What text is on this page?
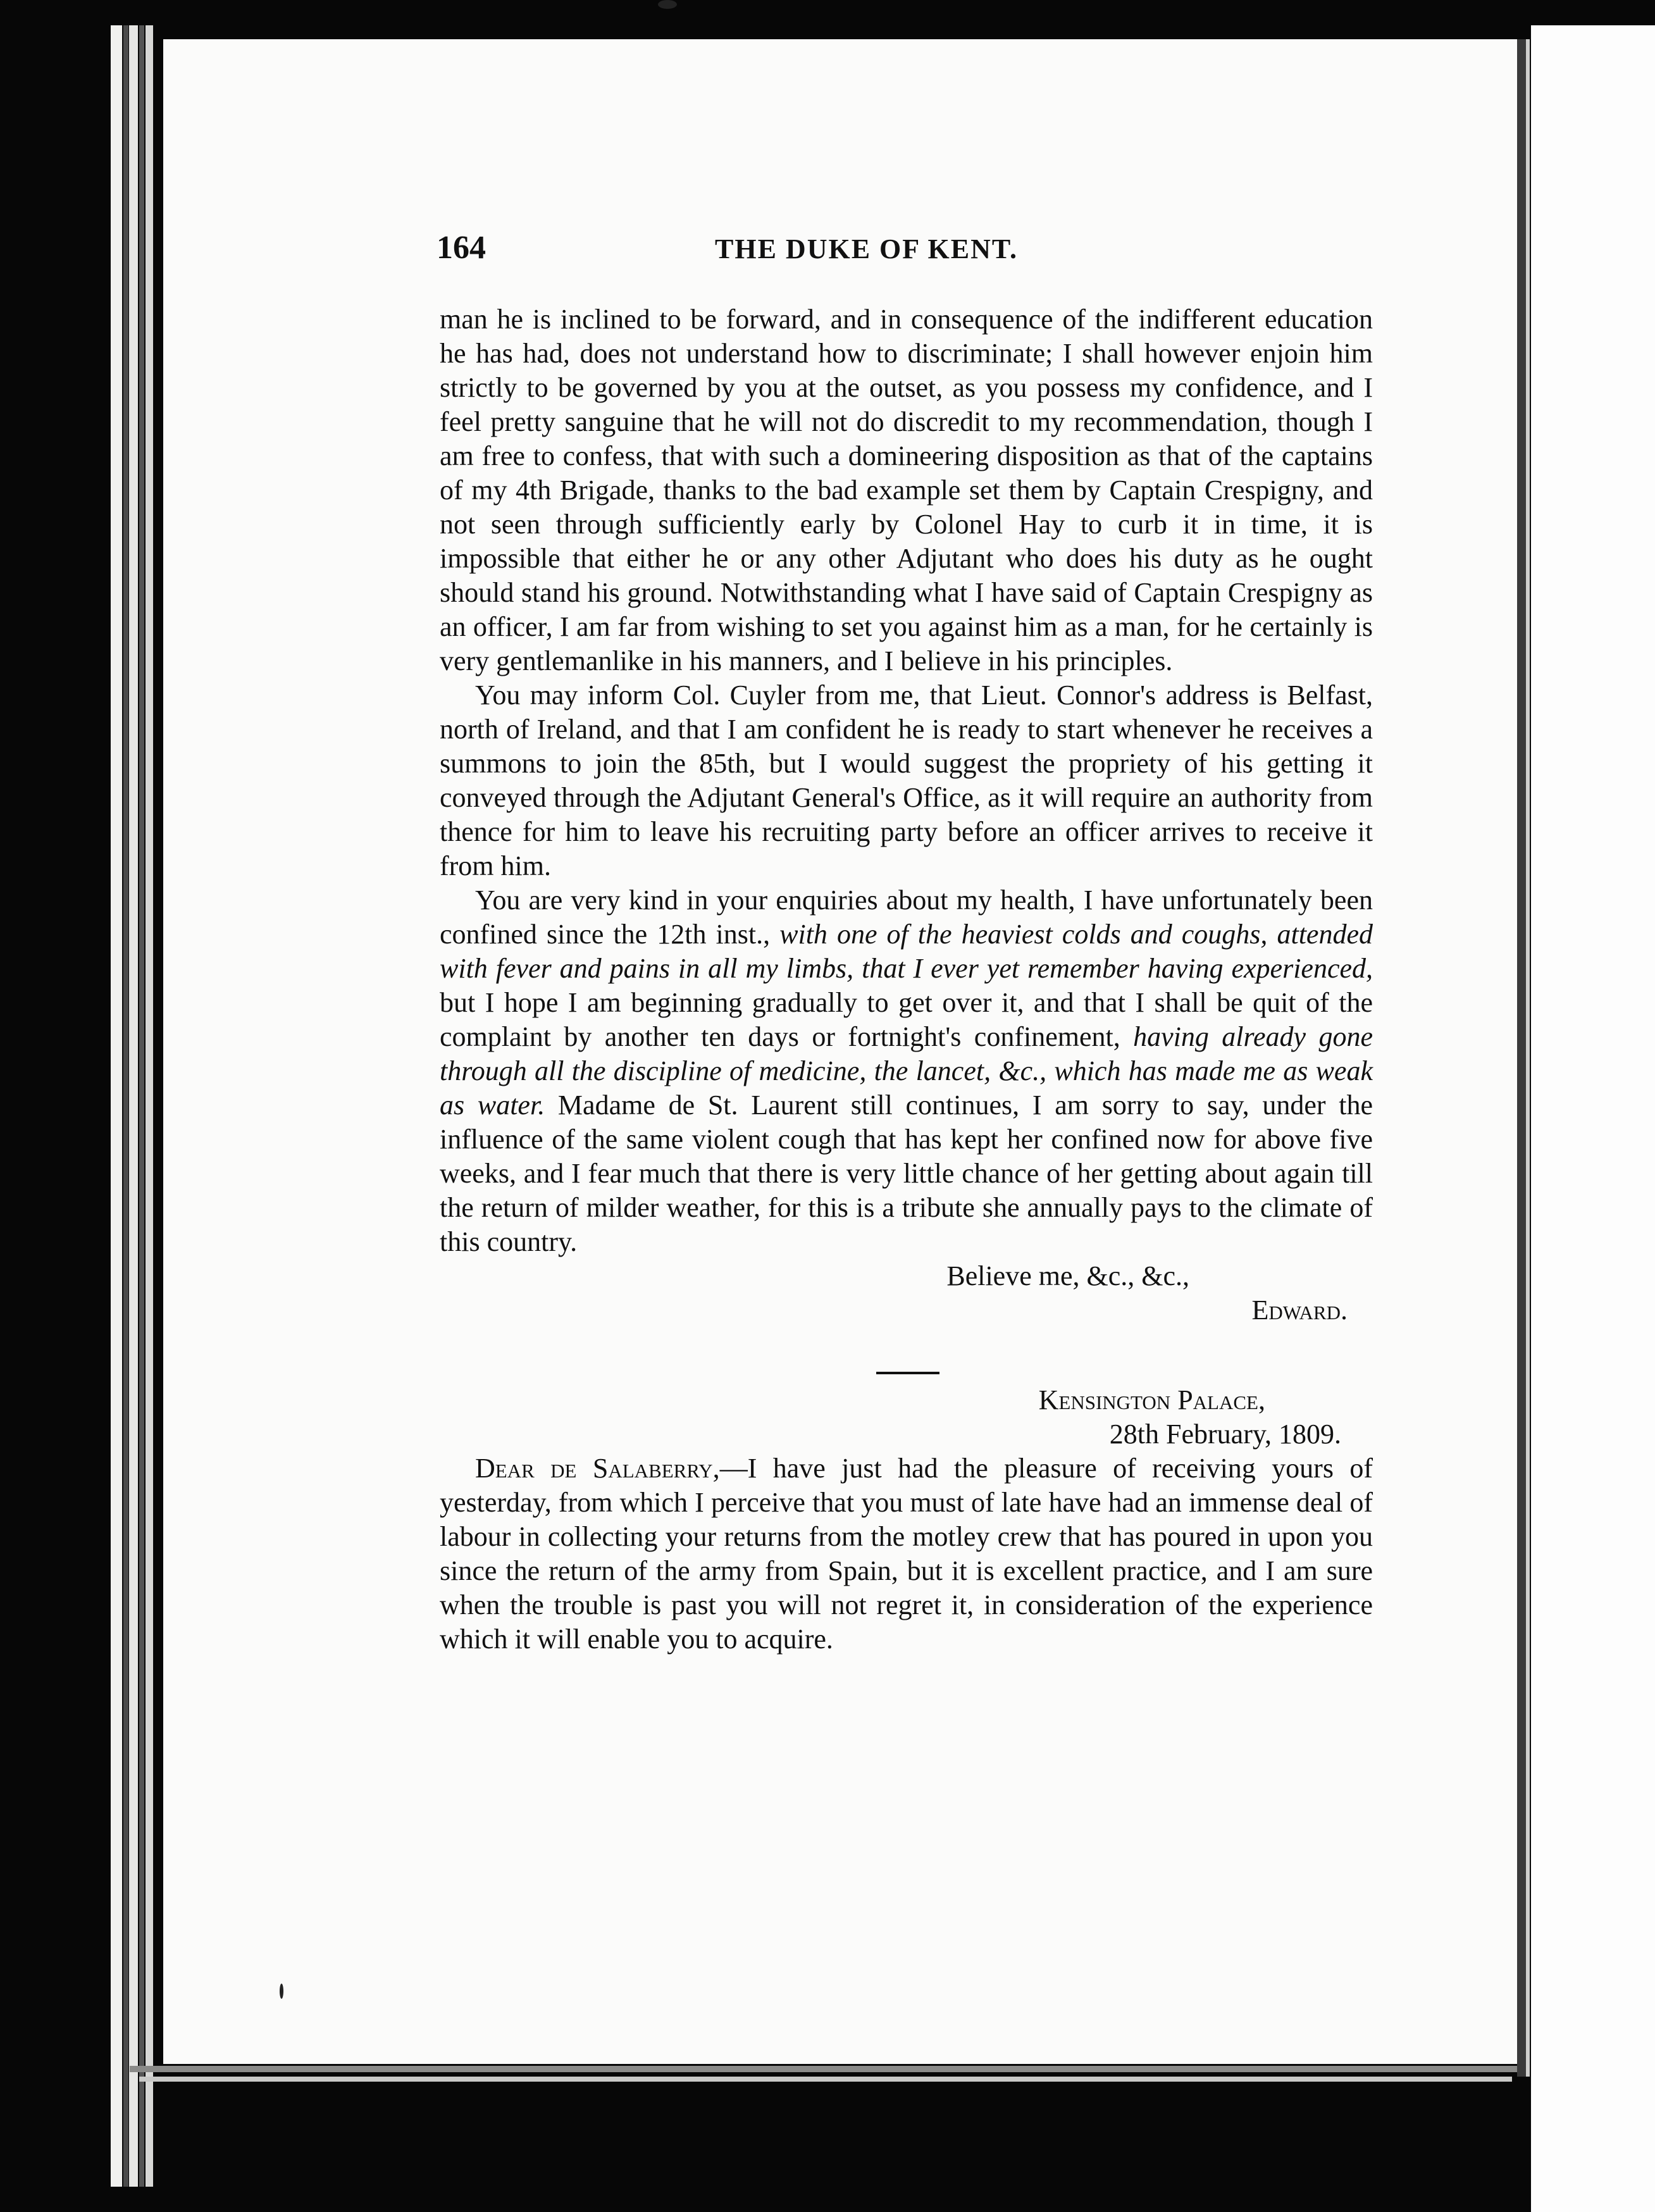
164	THE DUKE OF KENT.

man he is inclined to be forward, and in consequence of the indifferent education he has had, does not understand how to discriminate; I shall however enjoin him strictly to be governed by you at the outset, as you possess my confidence, and I feel pretty sanguine that he will not do discredit to my recommendation, though I am free to confess, that with such a domineering disposition as that of the captains of my 4th Brigade, thanks to the bad example set them by Captain Crespigny, and not seen through sufficiently early by Colonel Hay to curb it in time, it is impossible that either he or any other Adjutant who does his duty as he ought should stand his ground. Notwithstanding what I have said of Captain Crespigny as an officer, I am far from wishing to set you against him as a man, for he certainly is very gentlemanlike in his manners, and I believe in his principles.

You may inform Col. Cuyler from me, that Lieut. Connor's address is Belfast, north of Ireland, and that I am confident he is ready to start whenever he receives a summons to join the 85th, but I would suggest the propriety of his getting it conveyed through the Adjutant General's Office, as it will require an authority from thence for him to leave his recruiting party before an officer arrives to receive it from him.

You are very kind in your enquiries about my health, I have unfortunately been confined since the 12th inst., with one of the heaviest colds and coughs, attended with fever and pains in all my limbs, that I ever yet remember having experienced, but I hope I am beginning gradually to get over it, and that I shall be quit of the complaint by another ten days or fortnight's confinement, having already gone through all the discipline of medicine, the lancet, &c., which has made me as weak as water. Madame de St. Laurent still continues, I am sorry to say, under the influence of the same violent cough that has kept her confined now for above five weeks, and I fear much that there is very little chance of her getting about again till the return of milder weather, for this is a tribute she annually pays to the climate of this country.

Believe me, &c., &c.,

Edward.

Kensington Palace,

28th February, 1809.

Dear de Salaberry,—I have just had the pleasure of receiving yours of yesterday, from which I perceive that you must of late have had an immense deal of labour in collecting your returns from the motley crew that has poured in upon you since the return of the army from Spain, but it is excellent practice, and I am sure when the trouble is past you will not regret it, in consideration of the experience which it will enable you to acquire.
